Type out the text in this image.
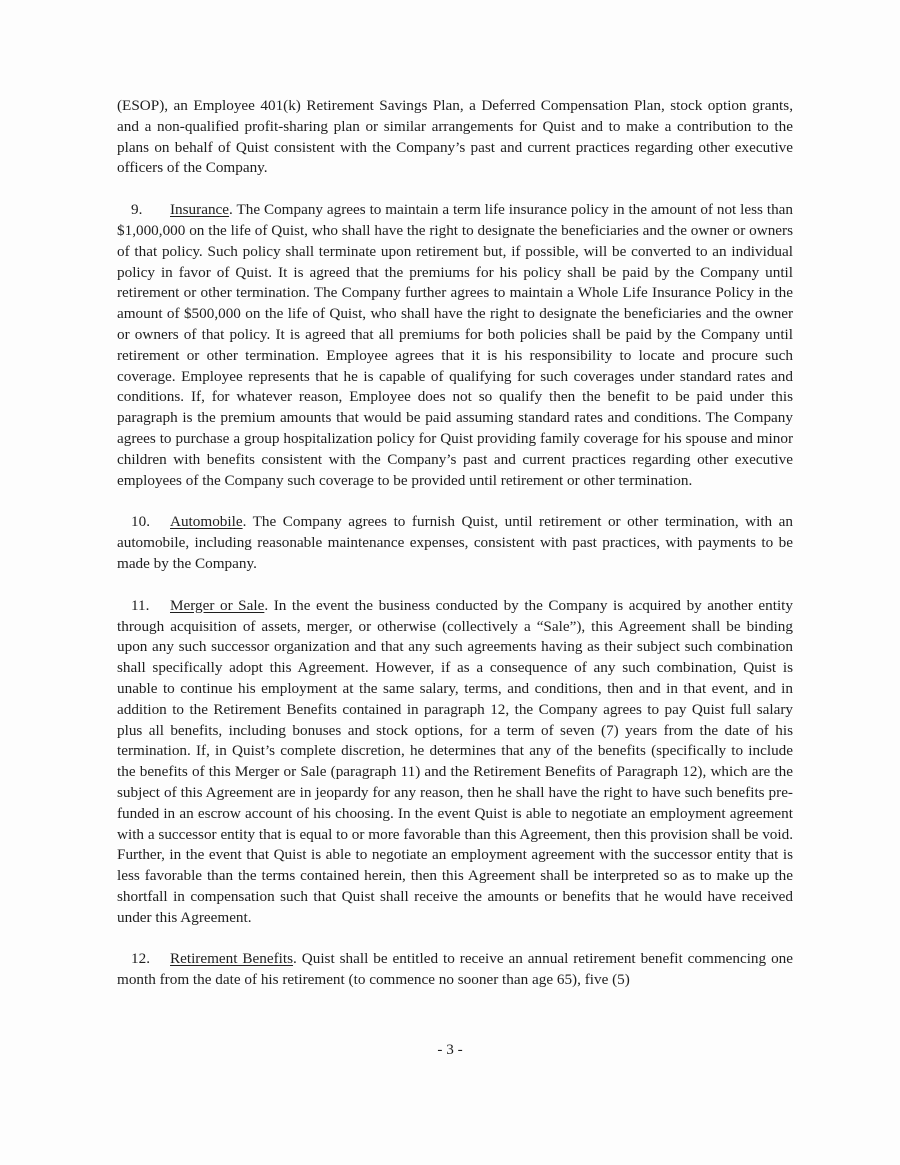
(ESOP), an Employee 401(k) Retirement Savings Plan, a Deferred Compensation Plan, stock option grants, and a non-qualified profit-sharing plan or similar arrangements for Quist and to make a contribution to the plans on behalf of Quist consistent with the Company’s past and current practices regarding other executive officers of the Company.

9. Insurance. The Company agrees to maintain a term life insurance policy in the amount of not less than $1,000,000 on the life of Quist, who shall have the right to designate the beneficiaries and the owner or owners of that policy. Such policy shall terminate upon retirement but, if possible, will be converted to an individual policy in favor of Quist. It is agreed that the premiums for his policy shall be paid by the Company until retirement or other termination. The Company further agrees to maintain a Whole Life Insurance Policy in the amount of $500,000 on the life of Quist, who shall have the right to designate the beneficiaries and the owner or owners of that policy. It is agreed that all premiums for both policies shall be paid by the Company until retirement or other termination. Employee agrees that it is his responsibility to locate and procure such coverage. Employee represents that he is capable of qualifying for such coverages under standard rates and conditions. If, for whatever reason, Employee does not so qualify then the benefit to be paid under this paragraph is the premium amounts that would be paid assuming standard rates and conditions. The Company agrees to purchase a group hospitalization policy for Quist providing family coverage for his spouse and minor children with benefits consistent with the Company’s past and current practices regarding other executive employees of the Company such coverage to be provided until retirement or other termination.

10. Automobile. The Company agrees to furnish Quist, until retirement or other termination, with an automobile, including reasonable maintenance expenses, consistent with past practices, with payments to be made by the Company.

11. Merger or Sale. In the event the business conducted by the Company is acquired by another entity through acquisition of assets, merger, or otherwise (collectively a “Sale”), this Agreement shall be binding upon any such successor organization and that any such agreements having as their subject such combination shall specifically adopt this Agreement. However, if as a consequence of any such combination, Quist is unable to continue his employment at the same salary, terms, and conditions, then and in that event, and in addition to the Retirement Benefits contained in paragraph 12, the Company agrees to pay Quist full salary plus all benefits, including bonuses and stock options, for a term of seven (7) years from the date of his termination. If, in Quist’s complete discretion, he determines that any of the benefits (specifically to include the benefits of this Merger or Sale (paragraph 11) and the Retirement Benefits of Paragraph 12), which are the subject of this Agreement are in jeopardy for any reason, then he shall have the right to have such benefits pre-funded in an escrow account of his choosing. In the event Quist is able to negotiate an employment agreement with a successor entity that is equal to or more favorable than this Agreement, then this provision shall be void. Further, in the event that Quist is able to negotiate an employment agreement with the successor entity that is less favorable than the terms contained herein, then this Agreement shall be interpreted so as to make up the shortfall in compensation such that Quist shall receive the amounts or benefits that he would have received under this Agreement.

12. Retirement Benefits. Quist shall be entitled to receive an annual retirement benefit commencing one month from the date of his retirement (to commence no sooner than age 65), five (5)

- 3 -
